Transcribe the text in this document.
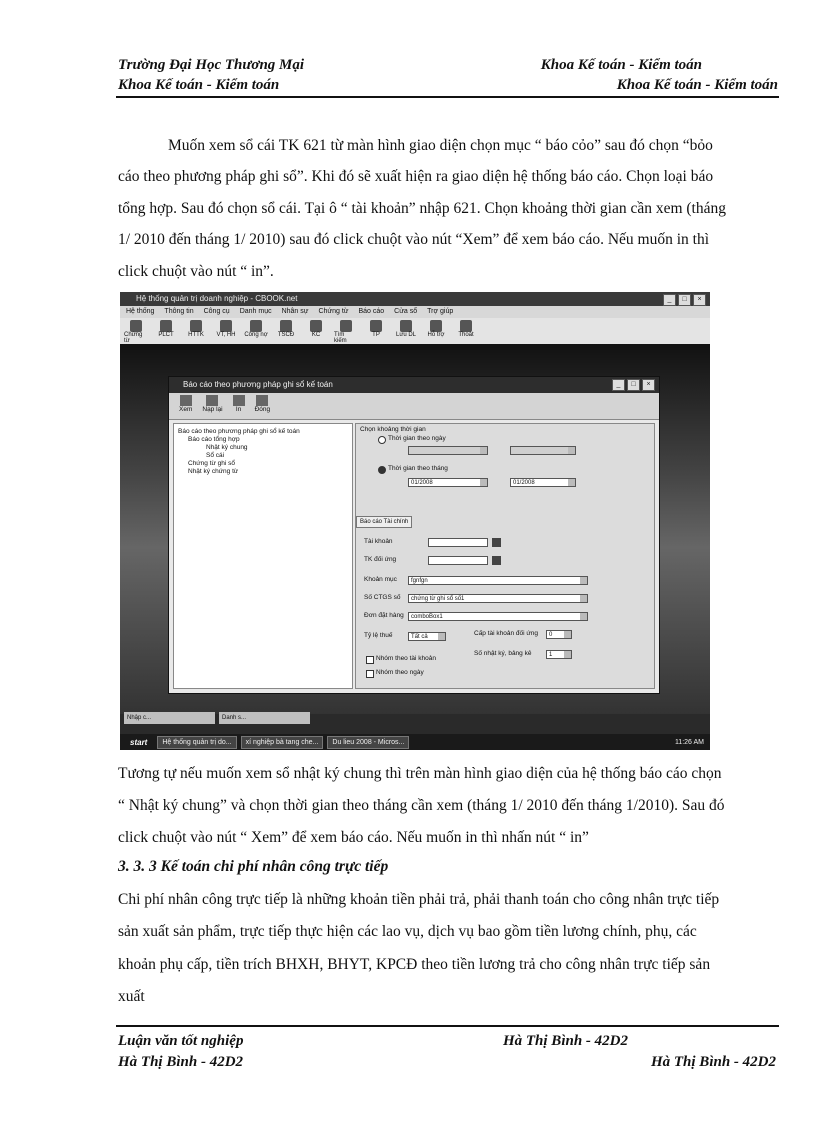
Trường Đại Học Thương Mại	Khoa Kế toán - Kiểm toán
Khoa Kế toán - Kiểm toán	Khoa Kế toán - Kiểm toán

Muốn xem sổ cái TK 621 từ màn hình giao diện chọn mục “ báo cỏo” sau đó chọn “bỏo

cáo theo phương pháp ghi sổ”. Khi đó sẽ xuất hiện ra giao diện hệ thống báo cáo. Chọn loại báo

tổng hợp. Sau đó chọn sổ cái. Tại ô “ tài khoản” nhập 621. Chọn khoảng thời gian cần xem (tháng

1/ 2010 đến tháng 1/ 2010) sau đó click chuột vào nút “Xem” để xem báo cáo. Nếu muốn in thì

click chuột vào nút “ in”.

Hệ thống quản trị doanh nghiệp - CBOOK.net	_	□	×
Hệ thống Thông tin Công cụ Danh mục Nhân sự Chứng từ Báo cáo Cửa sổ Trợ giúp
Chứng từ
PLCT HTTK VT, HH Công nợ TSCĐ	KC Tìm kiếm
TP	Lưu DL Hỗ trợ Thoát
Báo cáo theo phương pháp ghi sổ kế toán	_	□	×
Xem Nạp lại In Đóng
Báo cáo theo phương pháp ghi sổ kế toán
Báo cáo tổng hợp
Nhật ký chung
Sổ cái
Chứng từ ghi sổ
Nhật ký chứng từ
Chọn khoảng thời gian
Thời gian theo ngày
Thời gian theo tháng
01/2008	01/2008
Báo cáo Tài chính
Tài khoản
TK đối ứng
Khoản mục	fgnfgn
Số CTGS số	chứng từ ghi sổ số1
Đơn đặt hàng	comboBox1
Tỷ lệ thuế	Tất cả	Cấp tài khoản đối ứng	0
Số nhật ký, bảng kê	1
Nhóm theo tài khoản
Nhóm theo ngày
Nhập c...	Danh s...
start	Hệ thống quản trị do...	xí nghiệp bà tang che...	Du lieu 2008 - Micros...	11:26 AM

Tương tự nếu muốn xem sổ nhật ký chung thì trên màn hình giao diện của hệ thống báo cáo chọn

“ Nhật ký chung” và chọn thời gian theo tháng cần xem (tháng 1/ 2010 đến tháng 1/2010). Sau đó

click chuột vào nút “ Xem” để xem báo cáo. Nếu muốn in thì nhấn nút “ in”

3. 3. 3 Kế toán chi phí nhân công trực tiếp

Chi phí nhân công trực tiếp là những khoản tiền phải trả, phải thanh toán cho công nhân trực tiếp

sản xuất sản phẩm, trực tiếp thực hiện các lao vụ, dịch vụ bao gồm tiền lương chính, phụ, các

khoản phụ cấp, tiền trích BHXH, BHYT, KPCĐ theo tiền lương trả cho công nhân trực tiếp sản

xuất

Luận văn tốt nghiệp	Hà Thị Bình - 42D2
Hà Thị Bình - 42D2	Hà Thị Bình - 42D2
